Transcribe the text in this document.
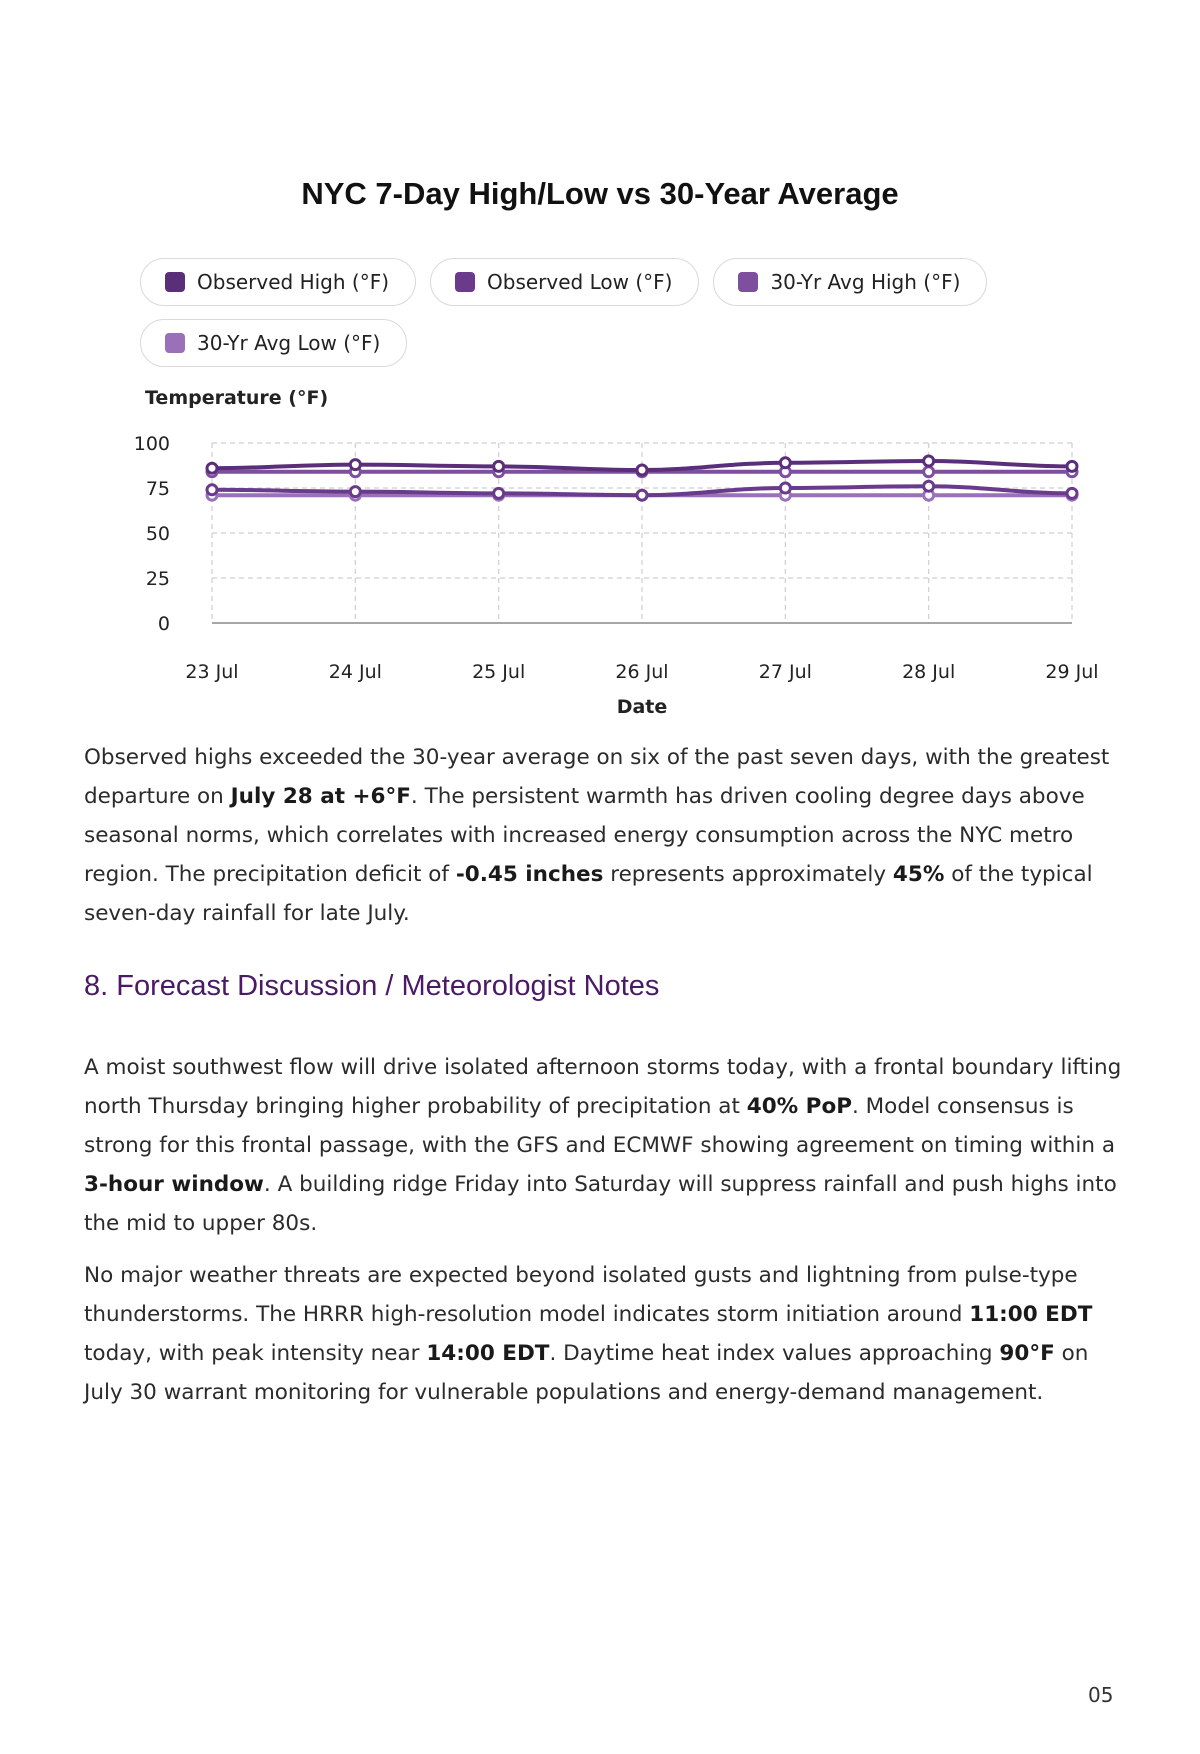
NYC 7-Day High/Low vs 30-Year Average
Observed High (°F)	Observed Low (°F)	30-Yr Avg High (°F)
30-Yr Avg Low (°F)
Temperature (°F)
0
25
50
75
100
23 Jul	24 Jul	25 Jul	26 Jul	27 Jul	28 Jul	29 Jul
Date

Observed highs exceeded the 30-year average on six of the past seven days, with the greatest departure on July 28 at +6°F. The persistent warmth has driven cooling degree days above seasonal norms, which correlates with increased energy consumption across the NYC metro region. The precipitation deficit of -0.45 inches represents approximately 45% of the typical seven-day rainfall for late July.

8. Forecast Discussion / Meteorologist Notes

A moist southwest flow will drive isolated afternoon storms today, with a frontal boundary lifting north Thursday bringing higher probability of precipitation at 40% PoP. Model consensus is strong for this frontal passage, with the GFS and ECMWF showing agreement on timing within a 3-hour window. A building ridge Friday into Saturday will suppress rainfall and push highs into the mid to upper 80s.

No major weather threats are expected beyond isolated gusts and lightning from pulse-type thunderstorms. The HRRR high-resolution model indicates storm initiation around 11:00 EDT today, with peak intensity near 14:00 EDT. Daytime heat index values approaching 90°F on July 30 warrant monitoring for vulnerable populations and energy-demand management.

05
